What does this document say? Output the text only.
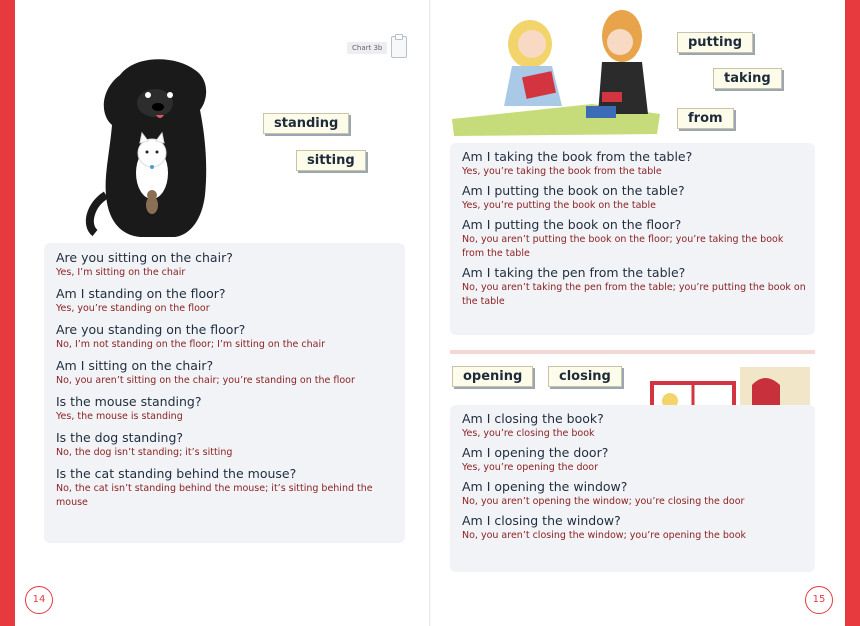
Chart 3b
standing
sitting
Are you sitting on the chair?
Yes, I’m sitting on the chair
Am I standing on the floor?
Yes, you’re standing on the floor
Are you standing on the floor?
No, I’m not standing on the floor; I’m sitting on the chair
Am I sitting on the chair?
No, you aren’t sitting on the chair; you’re standing on the floor
Is the mouse standing?
Yes, the mouse is standing
Is the dog standing?
No, the dog isn’t standing; it’s sitting
Is the cat standing behind the mouse?
No, the cat isn’t standing behind the mouse; it’s sitting behind the mouse
putting
taking
from
Am I taking the book from the table?
Yes, you’re taking the book from the table
Am I putting the book on the table?
Yes, you’re putting the book on the table
Am I putting the book on the floor?
No, you aren’t putting the book on the floor; you’re taking the book from the table
Am I taking the pen from the table?
No, you aren’t taking the pen from the table; you’re putting the book on the table
opening	closing
Am I closing the book?
Yes, you’re closing the book
Am I opening the door?
Yes, you’re opening the door
Am I opening the window?
No, you aren’t opening the window; you’re closing the door
Am I closing the window?
No, you aren’t closing the window; you’re opening the book
14	15
